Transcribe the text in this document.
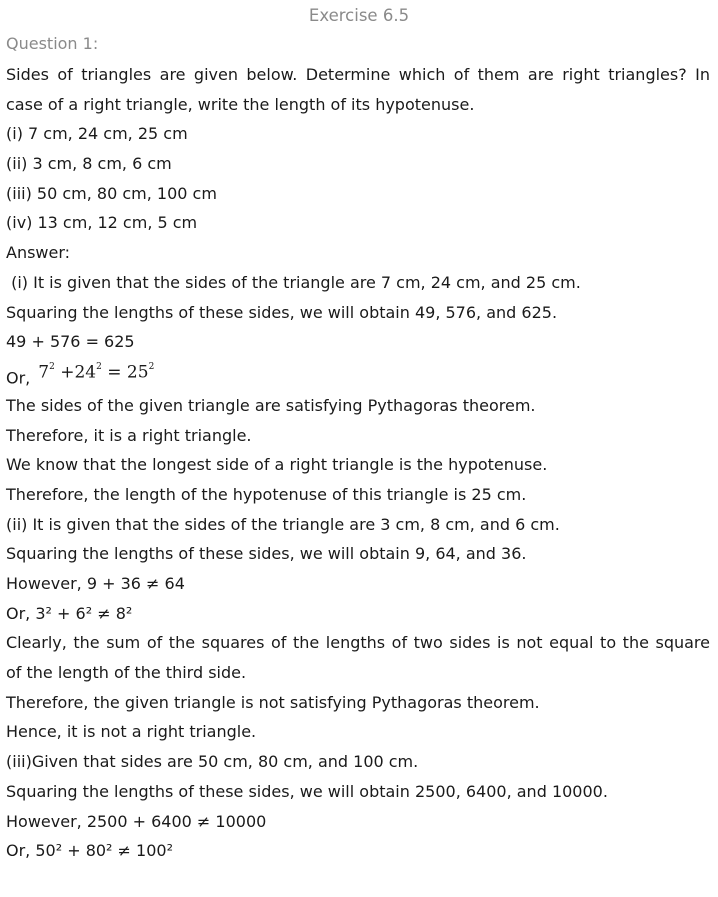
Exercise 6.5
Question 1:
Sides of triangles are given below. Determine which of them are right triangles? In
case of a right triangle, write the length of its hypotenuse.
(i) 7 cm, 24 cm, 25 cm
(ii) 3 cm, 8 cm, 6 cm
(iii) 50 cm, 80 cm, 100 cm
(iv) 13 cm, 12 cm, 5 cm
Answer:
(i) It is given that the sides of the triangle are 7 cm, 24 cm, and 25 cm.
Squaring the lengths of these sides, we will obtain 49, 576, and 625.
49 + 576 = 625
Or, $7^2 +24^2 = 25^2$
The sides of the given triangle are satisfying Pythagoras theorem.
Therefore, it is a right triangle.
We know that the longest side of a right triangle is the hypotenuse.
Therefore, the length of the hypotenuse of this triangle is 25 cm.
(ii) It is given that the sides of the triangle are 3 cm, 8 cm, and 6 cm.
Squaring the lengths of these sides, we will obtain 9, 64, and 36.
However, 9 + 36 ≠ 64
Or, 3² + 6² ≠ 8²
Clearly, the sum of the squares of the lengths of two sides is not equal to the square
of the length of the third side.
Therefore, the given triangle is not satisfying Pythagoras theorem.
Hence, it is not a right triangle.
(iii)Given that sides are 50 cm, 80 cm, and 100 cm.
Squaring the lengths of these sides, we will obtain 2500, 6400, and 10000.
However, 2500 + 6400 ≠ 10000
Or, 50² + 80² ≠ 100²
